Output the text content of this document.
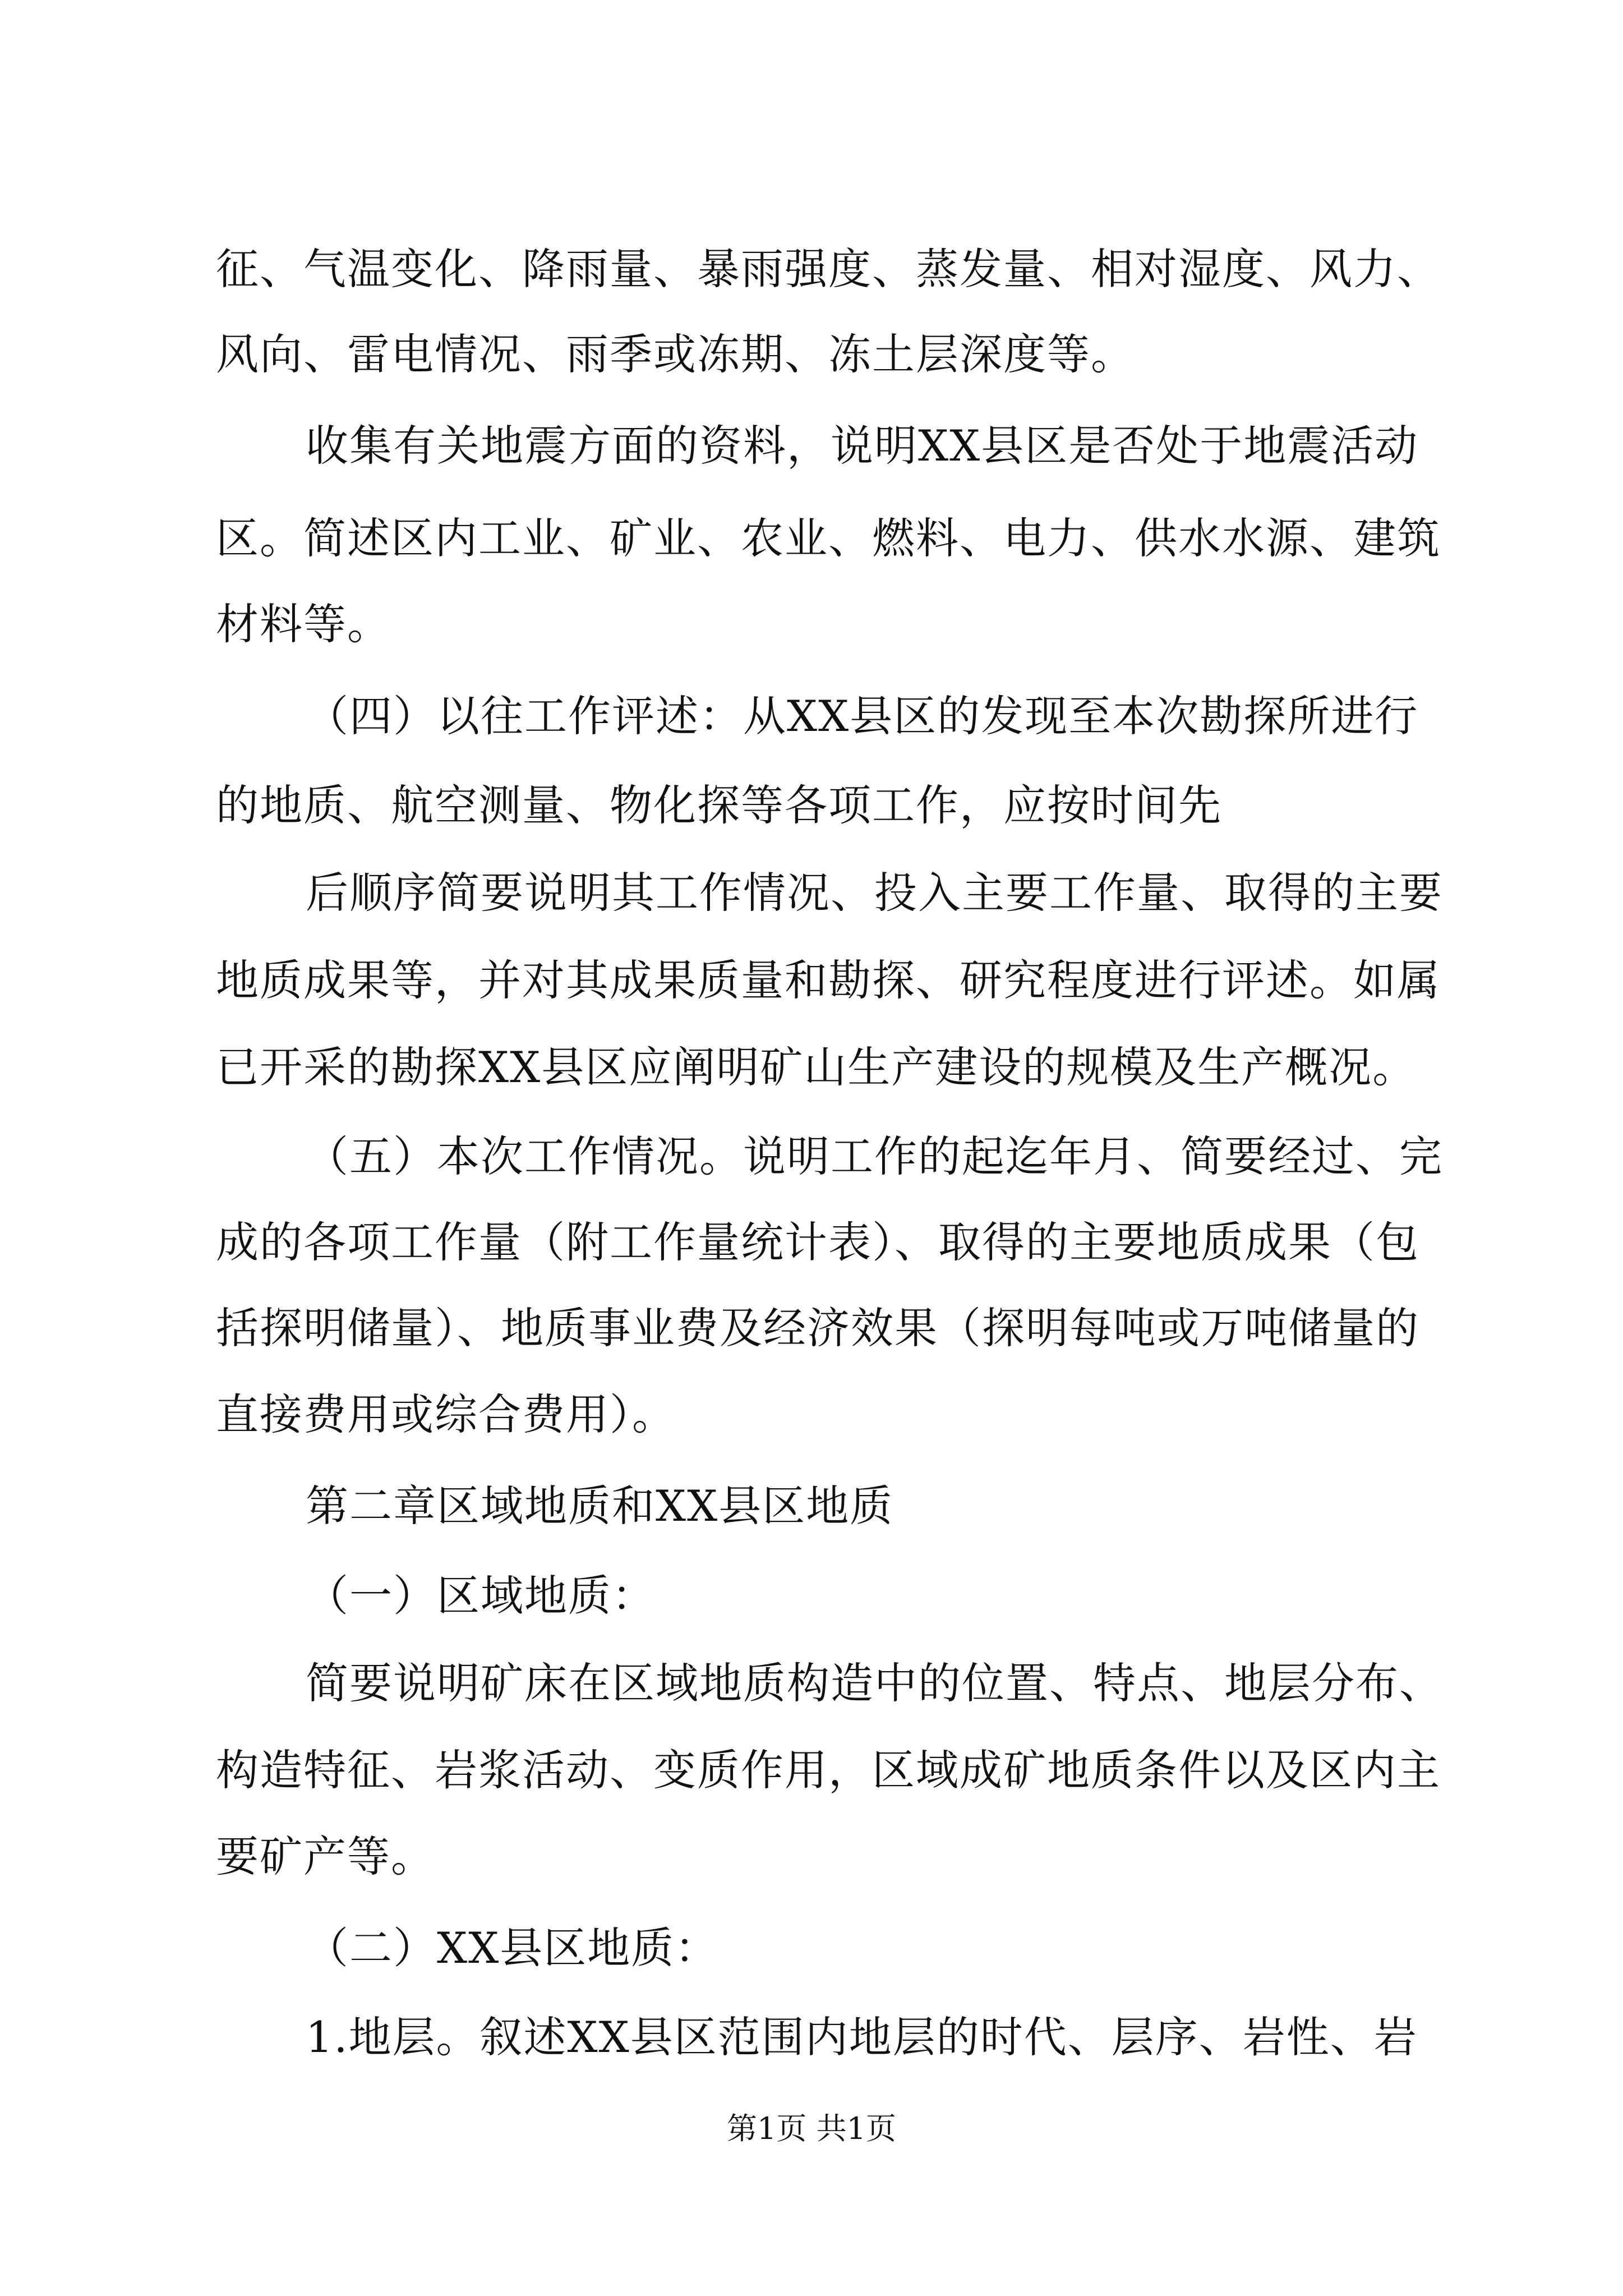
征、气温变化、降雨量、暴雨强度、蒸发量、相对湿度、风力、
风向、雷电情况、雨季或冻期、冻土层深度等。
收集有关地震方面的资料，说明XX县区是否处于地震活动
区。简述区内工业、矿业、农业、燃料、电力、供水水源、建筑
材料等。
（四）以往工作评述：从XX县区的发现至本次勘探所进行
的地质、航空测量、物化探等各项工作，应按时间先
后顺序简要说明其工作情况、投入主要工作量、取得的主要
地质成果等，并对其成果质量和勘探、研究程度进行评述。如属
已开采的勘探XX县区应阐明矿山生产建设的规模及生产概况。
（五）本次工作情况。说明工作的起迄年月、简要经过、完
成的各项工作量（附工作量统计表）、取得的主要地质成果（包
括探明储量）、地质事业费及经济效果（探明每吨或万吨储量的
直接费用或综合费用）。
第二章区域地质和XX县区地质
（一）区域地质：
简要说明矿床在区域地质构造中的位置、特点、地层分布、
构造特征、岩浆活动、变质作用，区域成矿地质条件以及区内主
要矿产等。
（二）XX县区地质：
1.地层。叙述XX县区范围内地层的时代、层序、岩性、岩
第1页 共1页
